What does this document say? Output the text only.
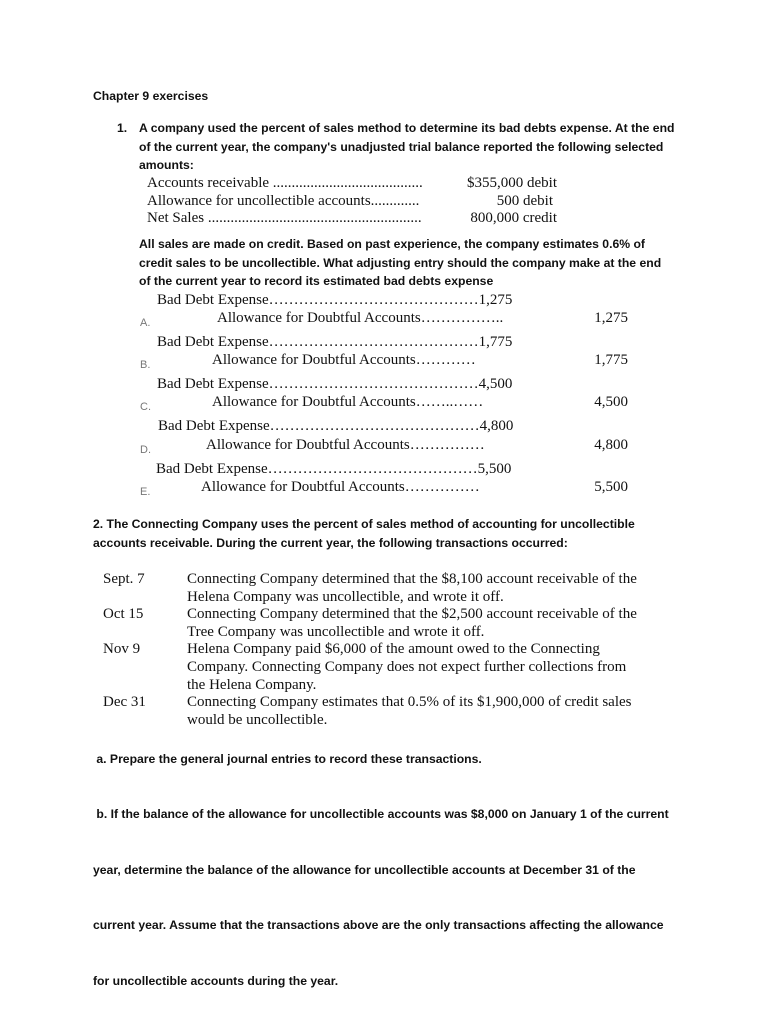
Chapter 9 exercises
1. A company used the percent of sales method to determine its bad debts expense. At the end
of the current year, the company's unadjusted trial balance reported the following selected
amounts:
Accounts receivable ........................................	$355,000 debit
Allowance for uncollectible accounts.............	500 debit
Net Sales .........................................................	800,000 credit
All sales are made on credit. Based on past experience, the company estimates 0.6% of
credit sales to be uncollectible. What adjusting entry should the company make at the end
of the current year to record its estimated bad debts expense
Bad Debt Expense……………………………………1,275
A.	Allowance for Doubtful Accounts……………..	1,275
Bad Debt Expense……………………………………1,775
B.	Allowance for Doubtful Accounts…………	1,775
Bad Debt Expense……………………………………4,500
C.	Allowance for Doubtful Accounts……..……	4,500
Bad Debt Expense……………………………………4,800
D.	Allowance for Doubtful Accounts……………	4,800
Bad Debt Expense……………………………………5,500
E.	Allowance for Doubtful Accounts……………	5,500
2. The Connecting Company uses the percent of sales method of accounting for uncollectible
accounts receivable. During the current year, the following transactions occurred:
Sept. 7	Connecting Company determined that the $8,100 account receivable of the
Helena Company was uncollectible, and wrote it off.
Oct 15	Connecting Company determined that the $2,500 account receivable of the
Tree Company was uncollectible and wrote it off.
Nov 9	Helena Company paid $6,000 of the amount owed to the Connecting
Company. Connecting Company does not expect further collections from
the Helena Company.
Dec 31	Connecting Company estimates that 0.5% of its $1,900,000 of credit sales
would be uncollectible.
a. Prepare the general journal entries to record these transactions.

b. If the balance of the allowance for uncollectible accounts was $8,000 on January 1 of the current

year, determine the balance of the allowance for uncollectible accounts at December 31 of the

current year. Assume that the transactions above are the only transactions affecting the allowance

for uncollectible accounts during the year.
